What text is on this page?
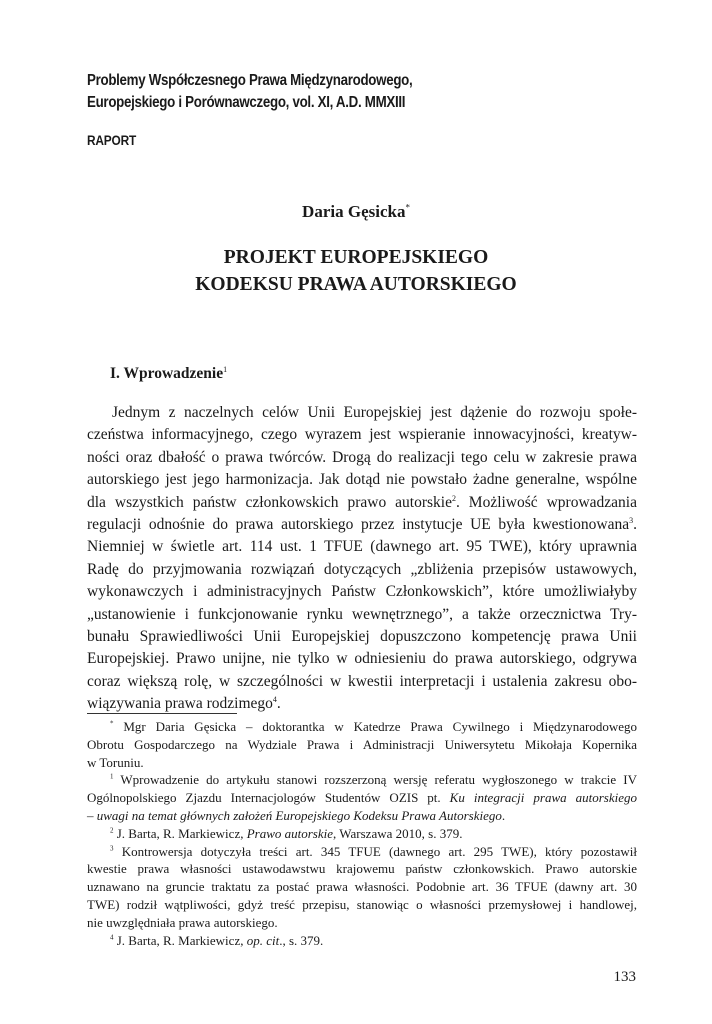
Problemy Współczesnego Prawa Międzynarodowego,
Europejskiego i Porównawczego, vol. XI, A.D. MMXIII
RAPORT
Daria Gęsicka*
PROJEKT EUROPEJSKIEGO
KODEKSU PRAWA AUTORSKIEGO
I. Wprowadzenie$^1$
Jednym z naczelnych celów Unii Europejskiej jest dążenie do rozwoju społe-
czeństwa informacyjnego, czego wyrazem jest wspieranie innowacyjności, kreatyw-
ności oraz dbałość o prawa twórców. Drogą do realizacji tego celu w zakresie prawa
autorskiego jest jego harmonizacja. Jak dotąd nie powstało żadne generalne, wspólne
dla wszystkich państw członkowskich prawo autorskie$^2$. Możliwość wprowadzania
regulacji odnośnie do prawa autorskiego przez instytucje UE była kwestionowana$^3$.
Niemniej w świetle art. 114 ust. 1 TFUE (dawnego art. 95 TWE), który uprawnia
Radę do przyjmowania rozwiązań dotyczących „zbliżenia przepisów ustawowych,
wykonawczych i administracyjnych Państw Członkowskich”, które umożliwiałyby
„ustanowienie i funkcjonowanie rynku wewnętrznego”, a także orzecznictwa Try-
bunału Sprawiedliwości Unii Europejskiej dopuszczono kompetencję prawa Unii
Europejskiej. Prawo unijne, nie tylko w odniesieniu do prawa autorskiego, odgrywa
coraz większą rolę, w szczególności w kwestii interpretacji i ustalenia zakresu obo-
wiązywania prawa rodzimego$^4$.
* Mgr Daria Gęsicka – doktorantka w Katedrze Prawa Cywilnego i Międzynarodowego
Obrotu Gospodarczego na Wydziale Prawa i Administracji Uniwersytetu Mikołaja Kopernika
w Toruniu.
$^1$ Wprowadzenie do artykułu stanowi rozszerzoną wersję referatu wygłoszonego w trakcie IV
Ogólnopolskiego Zjazdu Internacjologów Studentów OZIS pt. Ku integracji prawa autorskiego
– uwagi na temat głównych założeń Europejskiego Kodeksu Prawa Autorskiego.
$^2$ J. Barta, R. Markiewicz, Prawo autorskie, Warszawa 2010, s. 379.
$^3$ Kontrowersja dotyczyła treści art. 345 TFUE (dawnego art. 295 TWE), który pozostawił
kwestie prawa własności ustawodawstwu krajowemu państw członkowskich. Prawo autorskie
uznawano na gruncie traktatu za postać prawa własności. Podobnie art. 36 TFUE (dawny art. 30
TWE) rodził wątpliwości, gdyż treść przepisu, stanowiąc o własności przemysłowej i handlowej,
nie uwzględniała prawa autorskiego.
$^4$ J. Barta, R. Markiewicz, op. cit., s. 379.
133
